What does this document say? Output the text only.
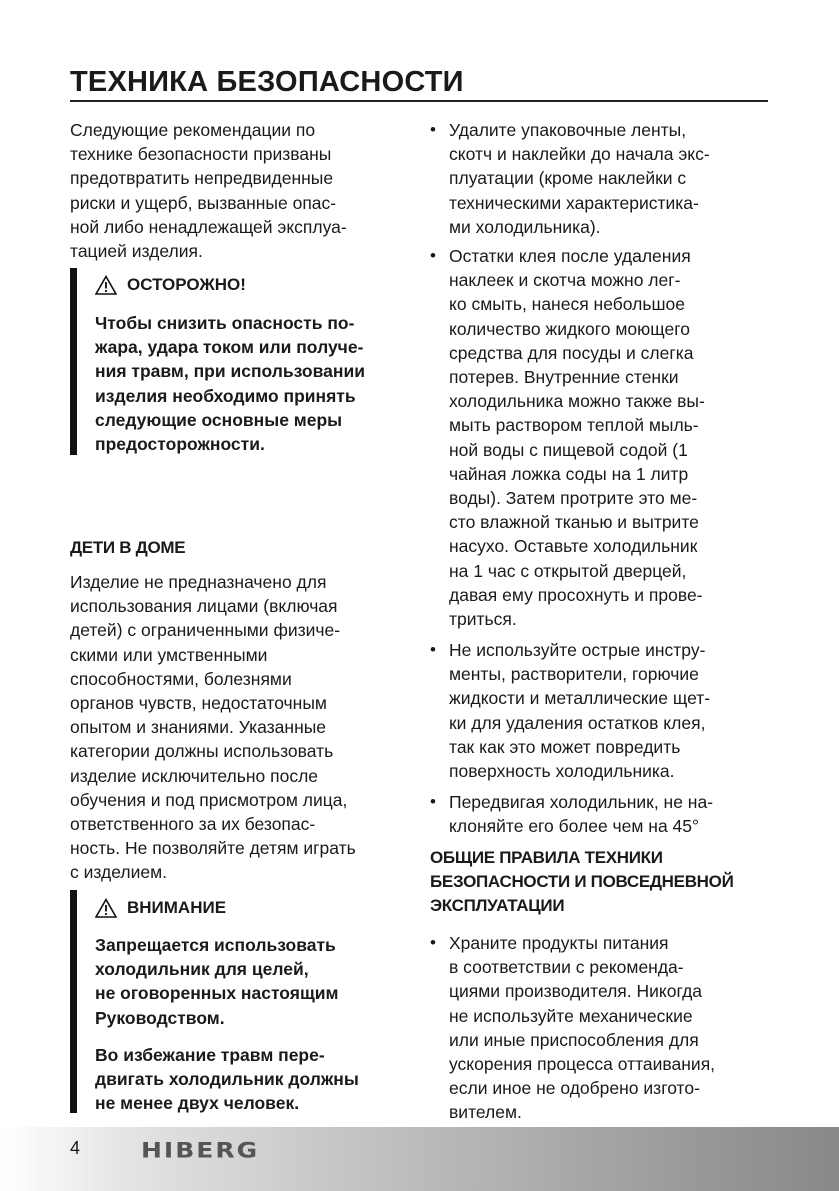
ТЕХНИКА БЕЗОПАСНОСТИ
Следующие рекомендации по
технике безопасности призваны
предотвратить непредвиденные
риски и ущерб, вызванные опас-
ной либо ненадлежащей эксплуа-
тацией изделия.
ОСТОРОЖНО!
Чтобы снизить опасность по-
жара, удара током или получе-
ния травм, при использовании
изделия необходимо принять
следующие основные меры
предосторожности.
ДЕТИ В ДОМЕ
Изделие не предназначено для
использования лицами (включая
детей) с ограниченными физиче-
скими или умственными
способностями, болезнями
органов чувств, недостаточным
опытом и знаниями. Указанные
категории должны использовать
изделие исключительно после
обучения и под присмотром лица,
ответственного за их безопас-
ность. Не позволяйте детям играть
с изделием.
ВНИМАНИЕ
Запрещается использовать
холодильник для целей,
не оговоренных настоящим
Руководством.
Во избежание травм пере-
двигать холодильник должны
не менее двух человек.
• Удалите упаковочные ленты,
скотч и наклейки до начала экс-
плуатации (кроме наклейки с
техническими характеристика-
ми холодильника).
• Остатки клея после удаления
наклеек и скотча можно лег-
ко смыть, нанеся небольшое
количество жидкого моющего
средства для посуды и слегка
потерев. Внутренние стенки
холодильника можно также вы-
мыть раствором теплой мыль-
ной воды с пищевой содой (1
чайная ложка соды на 1 литр
воды). Затем протрите это ме-
сто влажной тканью и вытрите
насухо. Оставьте холодильник
на 1 час с открытой дверцей,
давая ему просохнуть и прове-
триться.
• Не используйте острые инстру-
менты, растворители, горючие
жидкости и металлические щет-
ки для удаления остатков клея,
так как это может повредить
поверхность холодильника.
• Передвигая холодильник, не на-
клоняйте его более чем на 45°
ОБЩИЕ ПРАВИЛА ТЕХНИКИ
БЕЗОПАСНОСТИ И ПОВСЕДНЕВНОЙ
ЭКСПЛУАТАЦИИ
• Храните продукты питания
в соответствии с рекоменда-
циями производителя. Никогда
не используйте механические
или иные приспособления для
ускорения процесса оттаивания,
если иное не одобрено изгото-
вителем.
4 HIBERG
